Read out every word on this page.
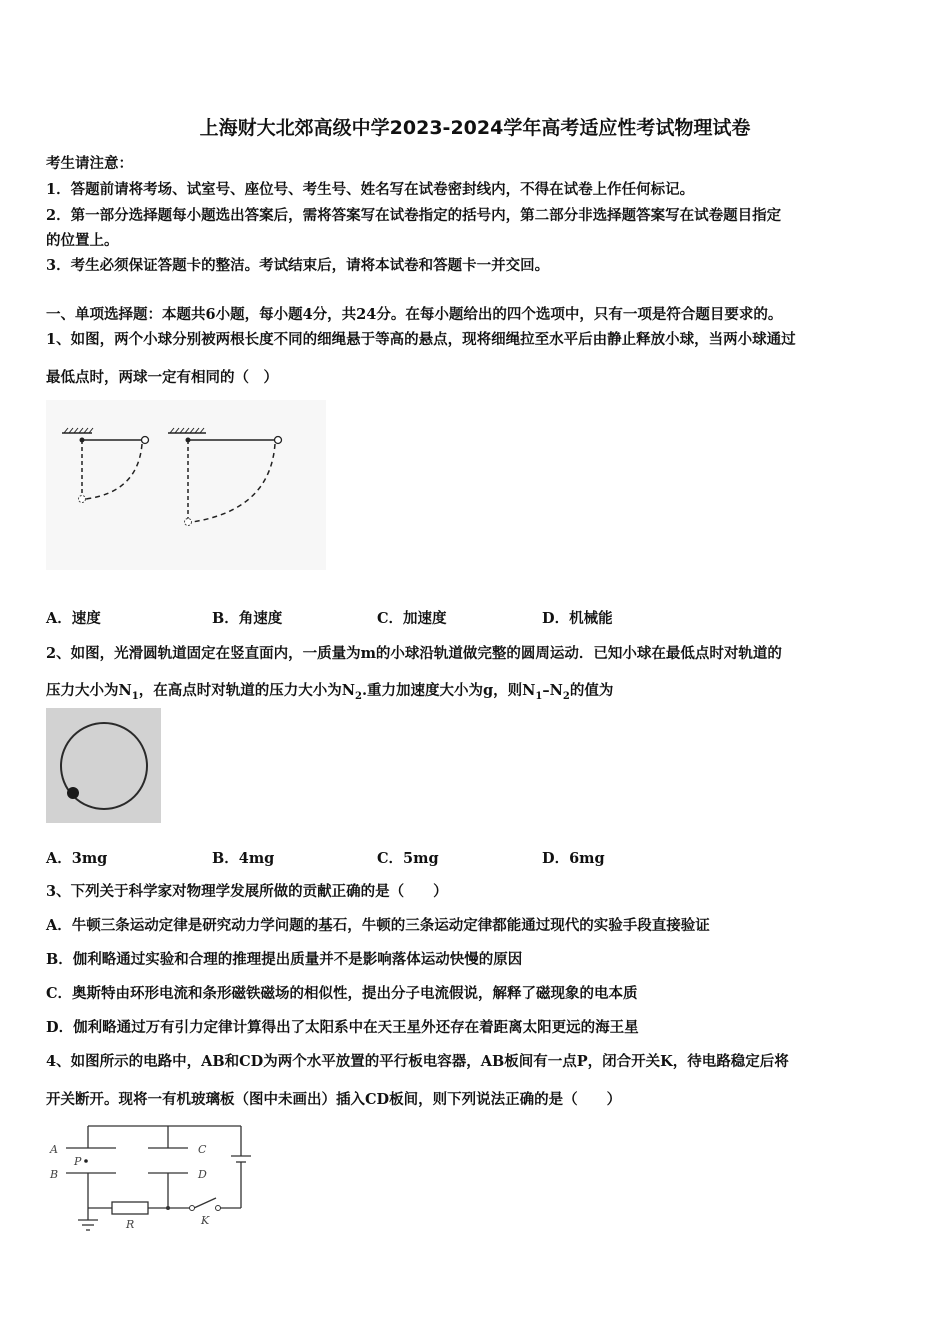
上海财大北郊高级中学2023-2024学年高考适应性考试物理试卷
考生请注意：
1．答题前请将考场、试室号、座位号、考生号、姓名写在试卷密封线内，不得在试卷上作任何标记。
2．第一部分选择题每小题选出答案后，需将答案写在试卷指定的括号内，第二部分非选择题答案写在试卷题目指定
的位置上。
3．考生必须保证答题卡的整洁。考试结束后，请将本试卷和答题卡一并交回。
一、单项选择题：本题共6小题，每小题4分，共24分。在每小题给出的四个选项中，只有一项是符合题目要求的。
1、如图，两个小球分别被两根长度不同的细绳悬于等高的悬点，现将细绳拉至水平后由静止释放小球，当两小球通过
最低点时，两球一定有相同的（　）
A．速度	B．角速度	C．加速度	D．机械能
2、如图，光滑圆轨道固定在竖直面内，一质量为m的小球沿轨道做完整的圆周运动．已知小球在最低点时对轨道的
压力大小为$N_1$，在高点时对轨道的压力大小为$N_2$.重力加速度大小为g，则$N_1-N_2$的值为
A．3mg	B．4mg	C．5mg	D．6mg
3、下列关于科学家对物理学发展所做的贡献正确的是（　　）
A．牛顿三条运动定律是研究动力学问题的基石，牛顿的三条运动定律都能通过现代的实验手段直接验证
B．伽利略通过实验和合理的推理提出质量并不是影响落体运动快慢的原因
C．奥斯特由环形电流和条形磁铁磁场的相似性，提出分子电流假说，解释了磁现象的电本质
D．伽利略通过万有引力定律计算得出了太阳系中在天王星外还存在着距离太阳更远的海王星
4、如图所示的电路中，AB和CD为两个水平放置的平行板电容器，AB板间有一点P，闭合开关K，待电路稳定后将
开关断开。现将一有机玻璃板（图中未画出）插入CD板间，则下列说法正确的是（　　）
A
B
P
C
D
R	K
